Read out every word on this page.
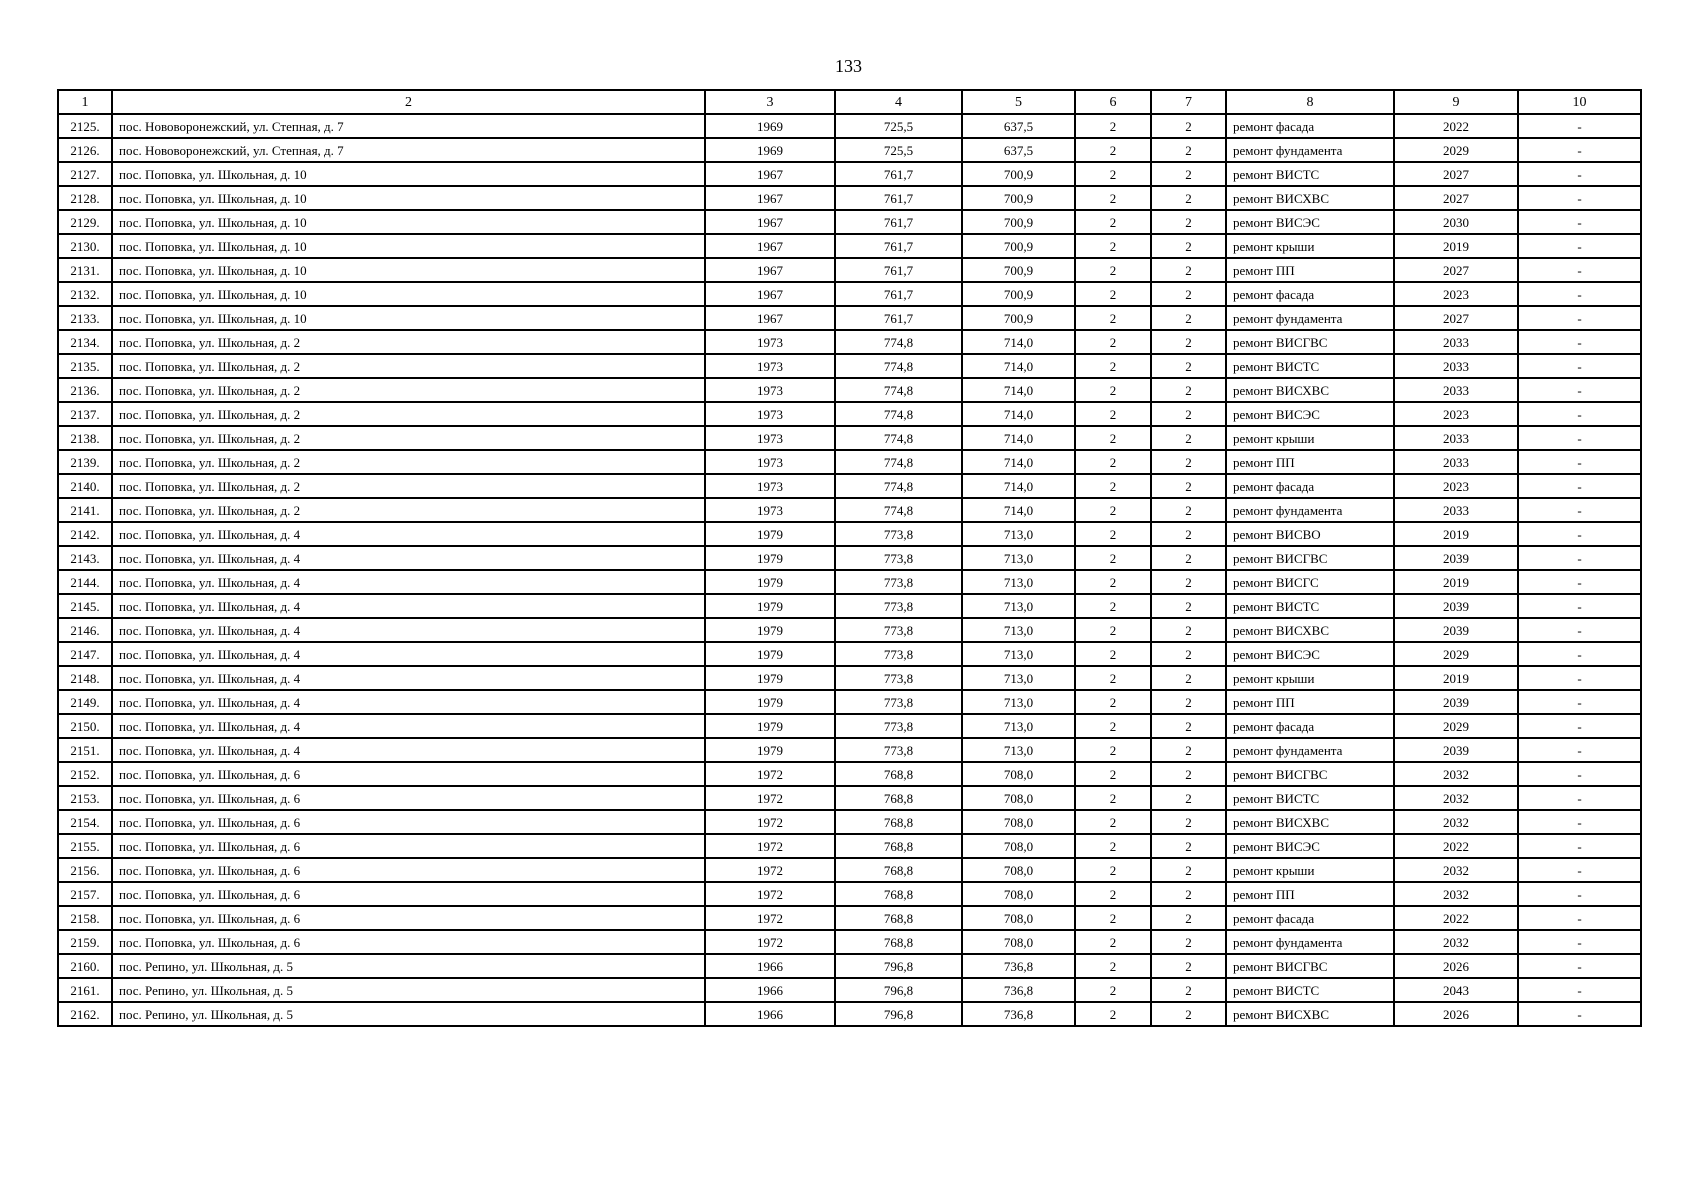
133
1	2	3	4	5	6	7	8	9	10
2125.	пос. Нововоронежский, ул. Степная, д. 7	1969	725,5	637,5	2	2	ремонт фасада	2022	-
2126.	пос. Нововоронежский, ул. Степная, д. 7	1969	725,5	637,5	2	2	ремонт фундамента	2029	-
2127.	пос. Поповка, ул. Школьная, д. 10	1967	761,7	700,9	2	2	ремонт ВИСТС	2027	-
2128.	пос. Поповка, ул. Школьная, д. 10	1967	761,7	700,9	2	2	ремонт ВИСХВС	2027	-
2129.	пос. Поповка, ул. Школьная, д. 10	1967	761,7	700,9	2	2	ремонт ВИСЭС	2030	-
2130.	пос. Поповка, ул. Школьная, д. 10	1967	761,7	700,9	2	2	ремонт крыши	2019	-
2131.	пос. Поповка, ул. Школьная, д. 10	1967	761,7	700,9	2	2	ремонт ПП	2027	-
2132.	пос. Поповка, ул. Школьная, д. 10	1967	761,7	700,9	2	2	ремонт фасада	2023	-
2133.	пос. Поповка, ул. Школьная, д. 10	1967	761,7	700,9	2	2	ремонт фундамента	2027	-
2134.	пос. Поповка, ул. Школьная, д. 2	1973	774,8	714,0	2	2	ремонт ВИСГВС	2033	-
2135.	пос. Поповка, ул. Школьная, д. 2	1973	774,8	714,0	2	2	ремонт ВИСТС	2033	-
2136.	пос. Поповка, ул. Школьная, д. 2	1973	774,8	714,0	2	2	ремонт ВИСХВС	2033	-
2137.	пос. Поповка, ул. Школьная, д. 2	1973	774,8	714,0	2	2	ремонт ВИСЭС	2023	-
2138.	пос. Поповка, ул. Школьная, д. 2	1973	774,8	714,0	2	2	ремонт крыши	2033	-
2139.	пос. Поповка, ул. Школьная, д. 2	1973	774,8	714,0	2	2	ремонт ПП	2033	-
2140.	пос. Поповка, ул. Школьная, д. 2	1973	774,8	714,0	2	2	ремонт фасада	2023	-
2141.	пос. Поповка, ул. Школьная, д. 2	1973	774,8	714,0	2	2	ремонт фундамента	2033	-
2142.	пос. Поповка, ул. Школьная, д. 4	1979	773,8	713,0	2	2	ремонт ВИСВО	2019	-
2143.	пос. Поповка, ул. Школьная, д. 4	1979	773,8	713,0	2	2	ремонт ВИСГВС	2039	-
2144.	пос. Поповка, ул. Школьная, д. 4	1979	773,8	713,0	2	2	ремонт ВИСГС	2019	-
2145.	пос. Поповка, ул. Школьная, д. 4	1979	773,8	713,0	2	2	ремонт ВИСТС	2039	-
2146.	пос. Поповка, ул. Школьная, д. 4	1979	773,8	713,0	2	2	ремонт ВИСХВС	2039	-
2147.	пос. Поповка, ул. Школьная, д. 4	1979	773,8	713,0	2	2	ремонт ВИСЭС	2029	-
2148.	пос. Поповка, ул. Школьная, д. 4	1979	773,8	713,0	2	2	ремонт крыши	2019	-
2149.	пос. Поповка, ул. Школьная, д. 4	1979	773,8	713,0	2	2	ремонт ПП	2039	-
2150.	пос. Поповка, ул. Школьная, д. 4	1979	773,8	713,0	2	2	ремонт фасада	2029	-
2151.	пос. Поповка, ул. Школьная, д. 4	1979	773,8	713,0	2	2	ремонт фундамента	2039	-
2152.	пос. Поповка, ул. Школьная, д. 6	1972	768,8	708,0	2	2	ремонт ВИСГВС	2032	-
2153.	пос. Поповка, ул. Школьная, д. 6	1972	768,8	708,0	2	2	ремонт ВИСТС	2032	-
2154.	пос. Поповка, ул. Школьная, д. 6	1972	768,8	708,0	2	2	ремонт ВИСХВС	2032	-
2155.	пос. Поповка, ул. Школьная, д. 6	1972	768,8	708,0	2	2	ремонт ВИСЭС	2022	-
2156.	пос. Поповка, ул. Школьная, д. 6	1972	768,8	708,0	2	2	ремонт крыши	2032	-
2157.	пос. Поповка, ул. Школьная, д. 6	1972	768,8	708,0	2	2	ремонт ПП	2032	-
2158.	пос. Поповка, ул. Школьная, д. 6	1972	768,8	708,0	2	2	ремонт фасада	2022	-
2159.	пос. Поповка, ул. Школьная, д. 6	1972	768,8	708,0	2	2	ремонт фундамента	2032	-
2160.	пос. Репино, ул. Школьная, д. 5	1966	796,8	736,8	2	2	ремонт ВИСГВС	2026	-
2161.	пос. Репино, ул. Школьная, д. 5	1966	796,8	736,8	2	2	ремонт ВИСТС	2043	-
2162.	пос. Репино, ул. Школьная, д. 5	1966	796,8	736,8	2	2	ремонт ВИСХВС	2026	-
